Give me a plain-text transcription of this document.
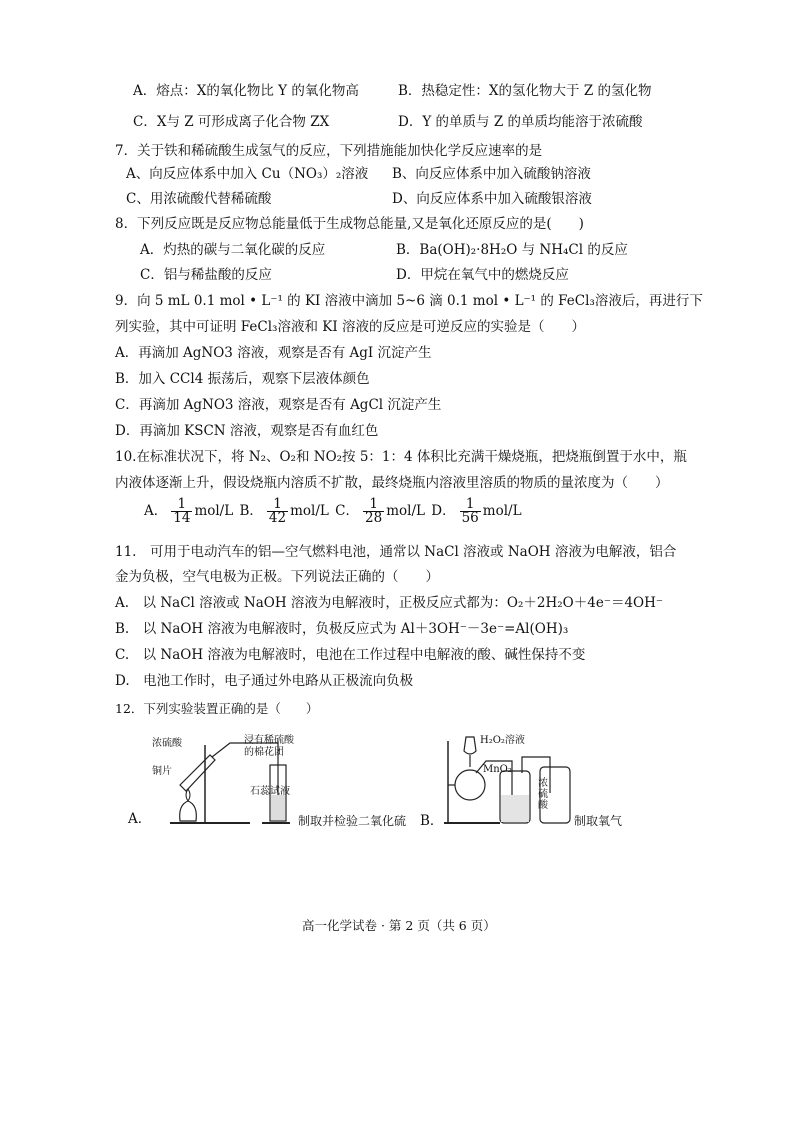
A．熔点：X的氧化物比 Y 的氧化物高	B．热稳定性：X的氢化物大于 Z 的氢化物
C．X与 Z 可形成离子化合物 ZX	D．Y 的单质与 Z 的单质均能溶于浓硫酸
7．关于铁和稀硫酸生成氢气的反应，下列措施能加快化学反应速率的是
A、向反应体系中加入 Cu（NO₃）₂溶液 B、向反应体系中加入硫酸钠溶液
C、用浓硫酸代替稀硫酸	D、向反应体系中加入硫酸银溶液
8．下列反应既是反应物总能量低于生成物总能量,又是氧化还原反应的是(　　)
A．灼热的碳与二氧化碳的反应	B．Ba(OH)₂·8H₂O 与 NH₄Cl 的反应
C．铝与稀盐酸的反应	D．甲烷在氧气中的燃烧反应
9．向 5 mL 0.1 mol • L⁻¹ 的 KI 溶液中滴加 5~6 滴 0.1 mol • L⁻¹ 的 FeCl₃溶液后，再进行下
列实验，其中可证明 FeCl₃溶液和 KI 溶液的反应是可逆反应的实验是（　　）
A．再滴加 AgNO3 溶液，观察是否有 AgI 沉淀产生
B．加入 CCl4 振荡后，观察下层液体颜色
C．再滴加 AgNO3 溶液，观察是否有 AgCl 沉淀产生
D．再滴加 KSCN 溶液，观察是否有血红色
10.在标准状况下，将 N₂、O₂和 NO₂按 5：1：4 体积比充满干燥烧瓶，把烧瓶倒置于水中，瓶
内液体逐渐上升，假设烧瓶内溶质不扩散，最终烧瓶内溶液里溶质的物质的量浓度为（　　）
A． $\frac{1}{14} mol/L$ B． $\frac{1}{42} mol/L$ C． $\frac{1}{28} mol/L$ D． $\frac{1}{56} mol/L$
11.　可用于电动汽车的铝—空气燃料电池，通常以 NaCl 溶液或 NaOH 溶液为电解液，铝合
金为负极，空气电极为正极。下列说法正确的（　　）
A.　以 NaCl 溶液或 NaOH 溶液为电解液时，正极反应式都为：O₂＋2H₂O＋4e⁻＝4OH⁻
B.　以 NaOH 溶液为电解液时，负极反应式为 Al＋3OH⁻－3e⁻=Al(OH)₃
C.　以 NaOH 溶液为电解液时，电池在工作过程中电解液的酸、碱性保持不变
D.　电池工作时，电子通过外电路从正极流向负极
12．下列实验装置正确的是（　　）
A．
浓硫酸
铜片
浸有稀硫酸
的棉花团
石蕊试液
制取并检验二氧化硫 B．
H₂O₂溶液
MnO₂
浓
硫
酸
制取氧气
高一化学试卷 · 第 2 页（共 6 页）
